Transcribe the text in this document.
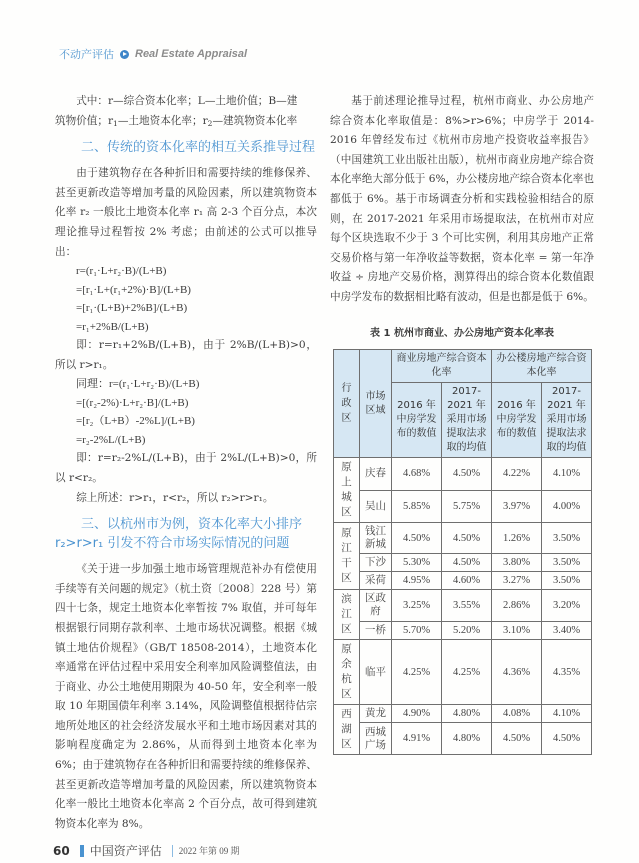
不动产评估 Real Estate Appraisal

式中：r—综合资本化率；L—土地价值；B—建

筑物价值；$r_1—$土地资本化率；$r_2—$建筑物资本化率

二、传统的资本化率的相互关系推导过程

由于建筑物存在各种折旧和需要持续的维修保养、甚至更新改造等增加考量的风险因素，所以建筑物资本化率 r₂ 一般比土地资本化率 r₁ 高 2-3 个百分点，本次理论推导过程暂按 2% 考虑；由前述的公式可以推导出：

r=(r₁·L+r₂·B)/(L+B)
=[r₁·L+(r₁+2%)·B]/(L+B)
=[r₁·(L+B)+2%B]/(L+B)
=r₁+2%B/(L+B)

即：r=r₁+2%B/(L+B)，由于 2%B/(L+B)>0，所以 r>r₁。

同理：r=(r₁·L+r₂·B)/(L+B)
=[(r₂-2%)·L+r₂·B]/(L+B)
=[r₂（L+B）-2%L]/(L+B)
=r₂-2%L/(L+B)

即：r=r₂-2%L/(L+B)，由于 2%L/(L+B)>0，所以 r<r₂。

综上所述：r>r₁，r<r₂，所以 r₂>r>r₁。

三、以杭州市为例，资本化率大小排序
r₂>r>r₁ 引发不符合市场实际情况的问题

《关于进一步加强土地市场管理规范补办有偿使用手续等有关问题的规定》（杭土资〔2008〕228 号）第四十七条，规定土地资本化率暂按 7% 取值，并可每年根据银行同期存款利率、土地市场状况调整。根据《城镇土地估价规程》（GB/T 18508-2014），土地资本化率通常在评估过程中采用安全利率加风险调整值法，由于商业、办公土地使用期限为 40-50 年，安全利率一般取 10 年期国债年利率 3.14%，风险调整值根据待估宗地所处地区的社会经济发展水平和土地市场因素对其的影响程度确定为 2.86%，从而得到土地资本化率为 6%；由于建筑物存在各种折旧和需要持续的维修保养、甚至更新改造等增加考量的风险因素，所以建筑物资本化率一般比土地资本化率高 2 个百分点，故可得到建筑物资本化率为 8%。

基于前述理论推导过程，杭州市商业、办公房地产综合资本化率取值是：8%>r>6%；中房学于 2014-2016 年曾经发布过《杭州市房地产投资收益率报告》（中国建筑工业出版社出版），杭州市商业房地产综合资本化率绝大部分低于 6%，办公楼房地产综合资本化率也都低于 6%。基于市场调查分析和实践检验相结合的原则，在 2017-2021 年采用市场提取法，在杭州市对应每个区块选取不少于 3 个可比实例，利用其房地产正常交易价格与第一年净收益等数据，资本化率 = 第一年净收益 ÷ 房地产交易价格，测算得出的综合资本化数值跟中房学发布的数据相比略有波动，但是也都是低于 6%。

表 1 杭州市商业、办公房地产资本化率表
行政区	市场区域	商业房地产综合资本化率		办公楼房地产综合资本化率	
		2016 年中房学发布的数值	2017-2021 年采用市场提取法求取的均值	2016 年中房学发布的数值	2017-2021 年采用市场提取法求取的均值
原上城区	庆春	4.68%	4.50%	4.22%	4.10%
	吴山	5.85%	5.75%	3.97%	4.00%
原江干区	钱江新城	4.50%	4.50%	1.26%	3.50%
	下沙	5.30%	4.50%	3.80%	3.50%
	采荷	4.95%	4.60%	3.27%	3.50%
滨江区	区政府	3.25%	3.55%	2.86%	3.20%
	一桥	5.70%	5.20%	3.10%	3.40%
原余杭区	临平	4.25%	4.25%	4.36%	4.35%
西湖区	黄龙	4.90%	4.80%	4.08%	4.10%
	西城广场	4.91%	4.80%	4.50%	4.50%
60 中国资产评估 2022 年第 09 期
